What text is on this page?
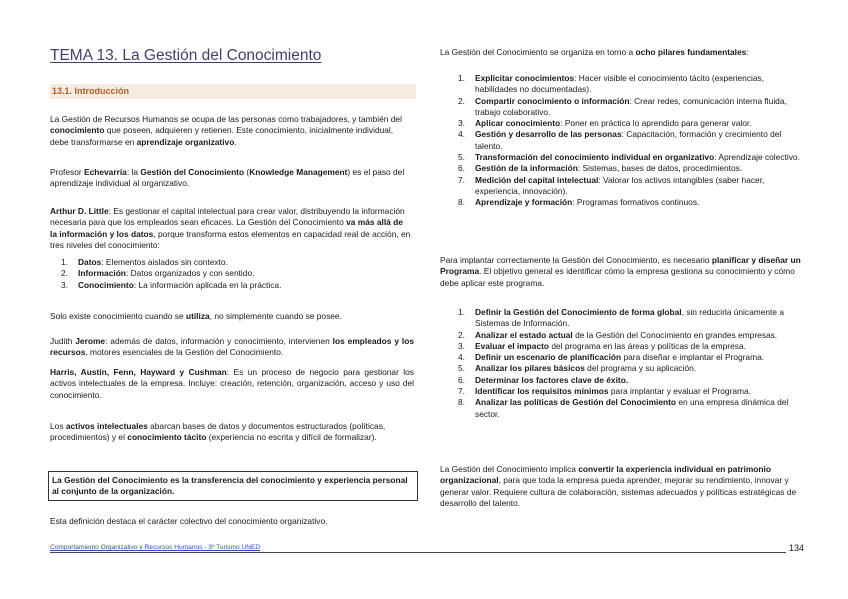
TEMA 13. La Gestión del Conocimiento
13.1. Introducción
La Gestión de Recursos Humanos se ocupa de las personas como trabajadores, y también del conocimiento que poseen, adquieren y retienen. Este conocimiento, inicialmente individual, debe transformarse en aprendizaje organizativo.
Profesor Echevarría: la Gestión del Conocimiento (Knowledge Management) es el paso del aprendizaje individual al organizativo.
Arthur D. Little: Es gestionar el capital intelectual para crear valor, distribuyendo la información necesaria para que los empleados sean eficaces. La Gestión del Conocimiento va más allá de la información y los datos, porque transforma estos elementos en capacidad real de acción, en tres niveles del conocimiento:
1. Datos: Elementos aislados sin contexto.
2. Información: Datos organizados y con sentido.
3. Conocimiento: La información aplicada en la práctica.
Solo existe conocimiento cuando se utiliza, no simplemente cuando se posee.
Judith Jerome: además de datos, información y conocimiento, intervienen los empleados y los recursos, motores esenciales de la Gestión del Conocimiento.
Harris, Austin, Fenn, Hayward y Cushman: Es un proceso de negocio para gestionar los activos intelectuales de la empresa. Incluye: creación, retención, organización, acceso y uso del conocimiento.
Los activos intelectuales abarcan bases de datos y documentos estructurados (políticas, procedimientos) y el conocimiento tácito (experiencia no escrita y difícil de formalizar).
La Gestión del Conocimiento es la transferencia del conocimiento y experiencia personal al conjunto de la organización.
Esta definición destaca el carácter colectivo del conocimiento organizativo.
La Gestión del Conocimiento se organiza en torno a ocho pilares fundamentales:
1. Explicitar conocimientos: Hacer visible el conocimiento tácito (experiencias, habilidades no documentadas).
2. Compartir conocimiento o información: Crear redes, comunicación interna fluida, trabajo colaborativo.
3. Aplicar conocimiento: Poner en práctica lo aprendido para generar valor.
4. Gestión y desarrollo de las personas: Capacitación, formación y crecimiento del talento.
5. Transformación del conocimiento individual en organizativo: Aprendizaje colectivo.
6. Gestión de la información: Sistemas, bases de datos, procedimientos.
7. Medición del capital intelectual: Valorar los activos intangibles (saber hacer, experiencia, innovación).
8. Aprendizaje y formación: Programas formativos continuos.
Para implantar correctamente la Gestión del Conocimiento, es necesario planificar y diseñar un Programa. El objetivo general es identificar cómo la empresa gestiona su conocimiento y cómo debe aplicar este programa.
1. Definir la Gestión del Conocimiento de forma global, sin reducirla únicamente a Sistemas de Información.
2. Analizar el estado actual de la Gestión del Conocimiento en grandes empresas.
3. Evaluar el impacto del programa en las áreas y políticas de la empresa.
4. Definir un escenario de planificación para diseñar e implantar el Programa.
5. Analizar los pilares básicos del programa y su aplicación.
6. Determinar los factores clave de éxito.
7. Identificar los requisitos mínimos para implantar y evaluar el Programa.
8. Analizar las políticas de Gestión del Conocimiento en una empresa dinámica del sector.
La Gestión del Conocimiento implica convertir la experiencia individual en patrimonio organizacional, para que toda la empresa pueda aprender, mejorar su rendimiento, innovar y generar valor. Requiere cultura de colaboración, sistemas adecuados y políticas estratégicas de desarrollo del talento.
Comportamiento Organizativo y Recursos Humanos - 3º Turismo UNED	134
